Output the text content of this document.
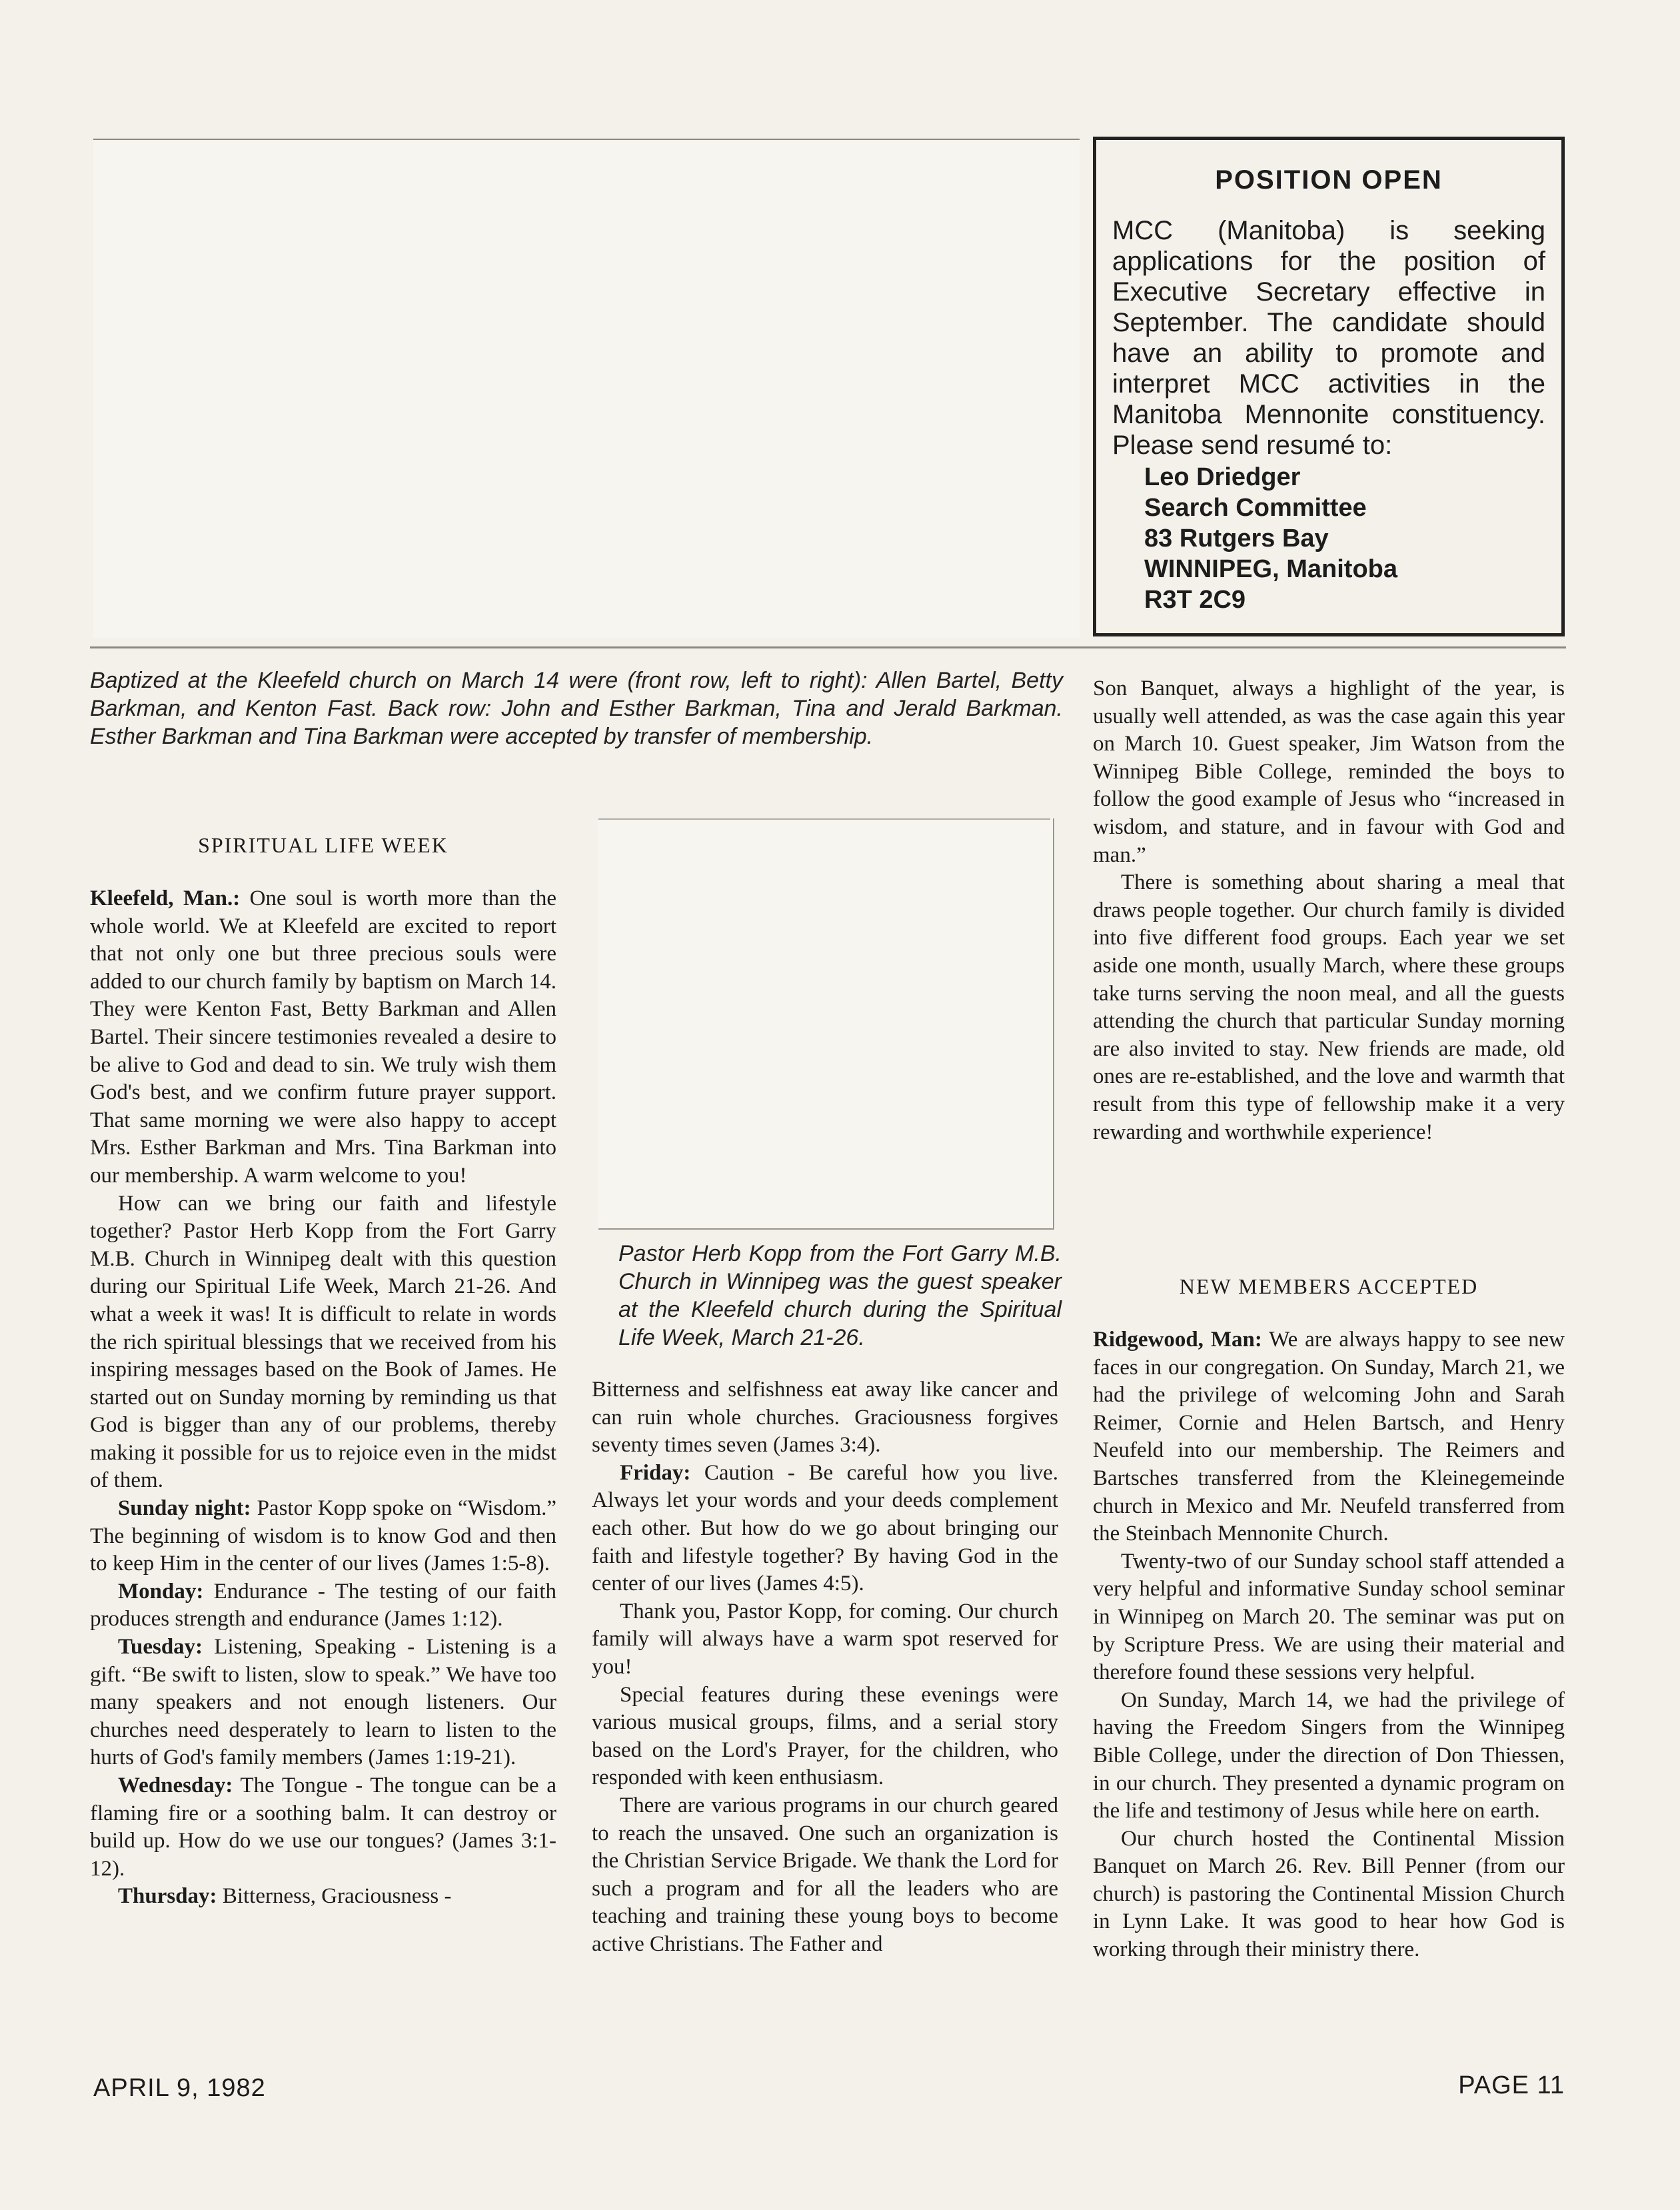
POSITION OPEN
MCC (Manitoba) is seeking applications for the position of Executive Secretary effective in September. The candidate should have an ability to promote and interpret MCC activities in the Manitoba Mennonite constituency. Please send resumé to:
Leo Driedger
Search Committee
83 Rutgers Bay
WINNIPEG, Manitoba
R3T 2C9
Baptized at the Kleefeld church on March 14 were (front row, left to right): Allen Bartel, Betty Barkman, and Kenton Fast. Back row: John and Esther Barkman, Tina and Jerald Barkman. Esther Barkman and Tina Barkman were accepted by transfer of membership.
Pastor Herb Kopp from the Fort Garry M.B. Church in Winnipeg was the guest speaker at the Kleefeld church during the Spiritual Life Week, March 21-26.
SPIRITUAL LIFE WEEK

Kleefeld, Man.: One soul is worth more than the whole world. We at Kleefeld are excited to report that not only one but three precious souls were added to our church family by baptism on March 14. They were Kenton Fast, Betty Barkman and Allen Bartel. Their sincere testimonies revealed a desire to be alive to God and dead to sin. We truly wish them God's best, and we confirm future prayer support. That same morning we were also happy to accept Mrs. Esther Barkman and Mrs. Tina Barkman into our membership. A warm welcome to you!

How can we bring our faith and lifestyle together? Pastor Herb Kopp from the Fort Garry M.B. Church in Winnipeg dealt with this question during our Spiritual Life Week, March 21-26. And what a week it was! It is difficult to relate in words the rich spiritual blessings that we received from his inspiring messages based on the Book of James. He started out on Sunday morning by reminding us that God is bigger than any of our problems, thereby making it possible for us to rejoice even in the midst of them.

Sunday night: Pastor Kopp spoke on “Wisdom.” The beginning of wisdom is to know God and then to keep Him in the center of our lives (James 1:5-8).

Monday: Endurance - The testing of our faith produces strength and endurance (James 1:12).

Tuesday: Listening, Speaking - Listening is a gift. “Be swift to listen, slow to speak.” We have too many speakers and not enough listeners. Our churches need desperately to learn to listen to the hurts of God's family members (James 1:19-21).

Wednesday: The Tongue - The tongue can be a flaming fire or a soothing balm. It can destroy or build up. How do we use our tongues? (James 3:1-12).

Thursday: Bitterness, Graciousness -

Bitterness and selfishness eat away like cancer and can ruin whole churches. Graciousness forgives seventy times seven (James 3:4).

Friday: Caution - Be careful how you live. Always let your words and your deeds complement each other. But how do we go about bringing our faith and lifestyle together? By having God in the center of our lives (James 4:5).

Thank you, Pastor Kopp, for coming. Our church family will always have a warm spot reserved for you!

Special features during these evenings were various musical groups, films, and a serial story based on the Lord's Prayer, for the children, who responded with keen enthusiasm.

There are various programs in our church geared to reach the unsaved. One such an organization is the Christian Service Brigade. We thank the Lord for such a program and for all the leaders who are teaching and training these young boys to become active Christians. The Father and

Son Banquet, always a highlight of the year, is usually well attended, as was the case again this year on March 10. Guest speaker, Jim Watson from the Winnipeg Bible College, reminded the boys to follow the good example of Jesus who “increased in wisdom, and stature, and in favour with God and man.”

There is something about sharing a meal that draws people together. Our church family is divided into five different food groups. Each year we set aside one month, usually March, where these groups take turns serving the noon meal, and all the guests attending the church that particular Sunday morning are also invited to stay. New friends are made, old ones are re-established, and the love and warmth that result from this type of fellowship make it a very rewarding and worthwhile experience!

NEW MEMBERS ACCEPTED

Ridgewood, Man: We are always happy to see new faces in our congregation. On Sunday, March 21, we had the privilege of welcoming John and Sarah Reimer, Cornie and Helen Bartsch, and Henry Neufeld into our membership. The Reimers and Bartsches transferred from the Kleinegemeinde church in Mexico and Mr. Neufeld transferred from the Steinbach Mennonite Church.

Twenty-two of our Sunday school staff attended a very helpful and informative Sunday school seminar in Winnipeg on March 20. The seminar was put on by Scripture Press. We are using their material and therefore found these sessions very helpful.

On Sunday, March 14, we had the privilege of having the Freedom Singers from the Winnipeg Bible College, under the direction of Don Thiessen, in our church. They presented a dynamic program on the life and testimony of Jesus while here on earth.

Our church hosted the Continental Mission Banquet on March 26. Rev. Bill Penner (from our church) is pastoring the Continental Mission Church in Lynn Lake. It was good to hear how God is working through their ministry there.

APRIL 9, 1982	PAGE 11
